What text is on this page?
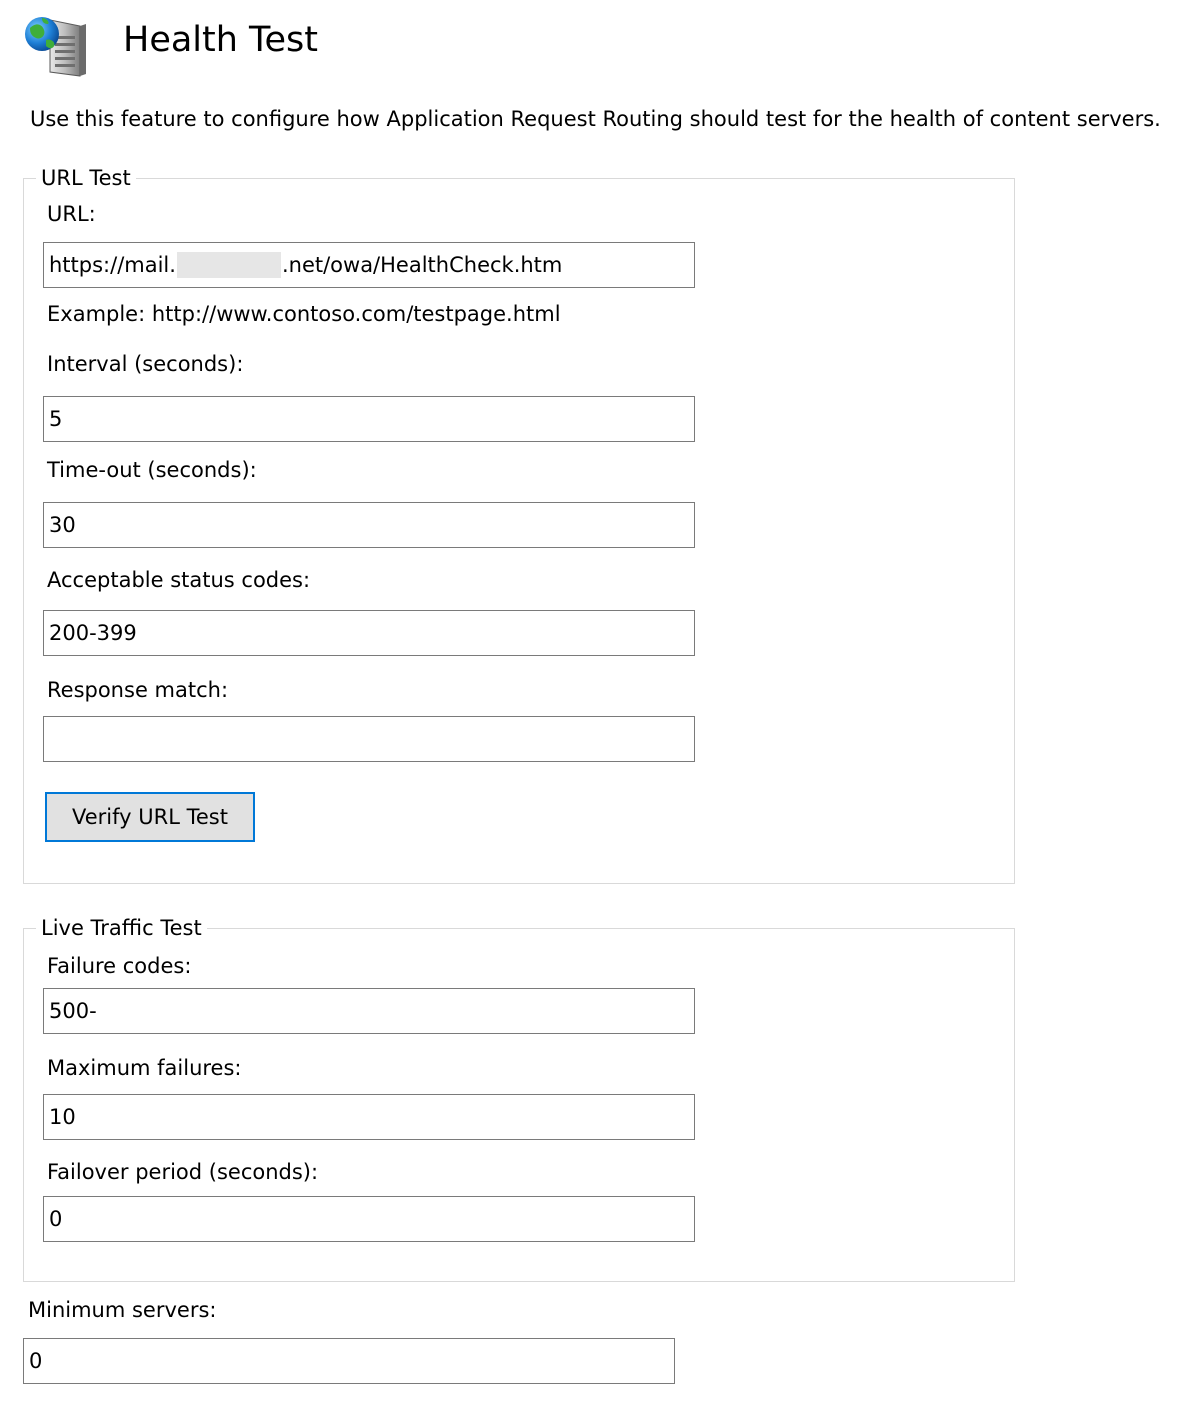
Health Test
Use this feature to configure how Application Request Routing should test for the health of content servers.
URL Test
URL:
https://mail.	.net/owa/HealthCheck.htm
Example: http://www.contoso.com/testpage.html
Interval (seconds):
5
Time-out (seconds):
30
Acceptable status codes:
200-399
Response match:
Verify URL Test
Live Traffic Test
Failure codes:
500-
Maximum failures:
10
Failover period (seconds):
0
Minimum servers:
0
